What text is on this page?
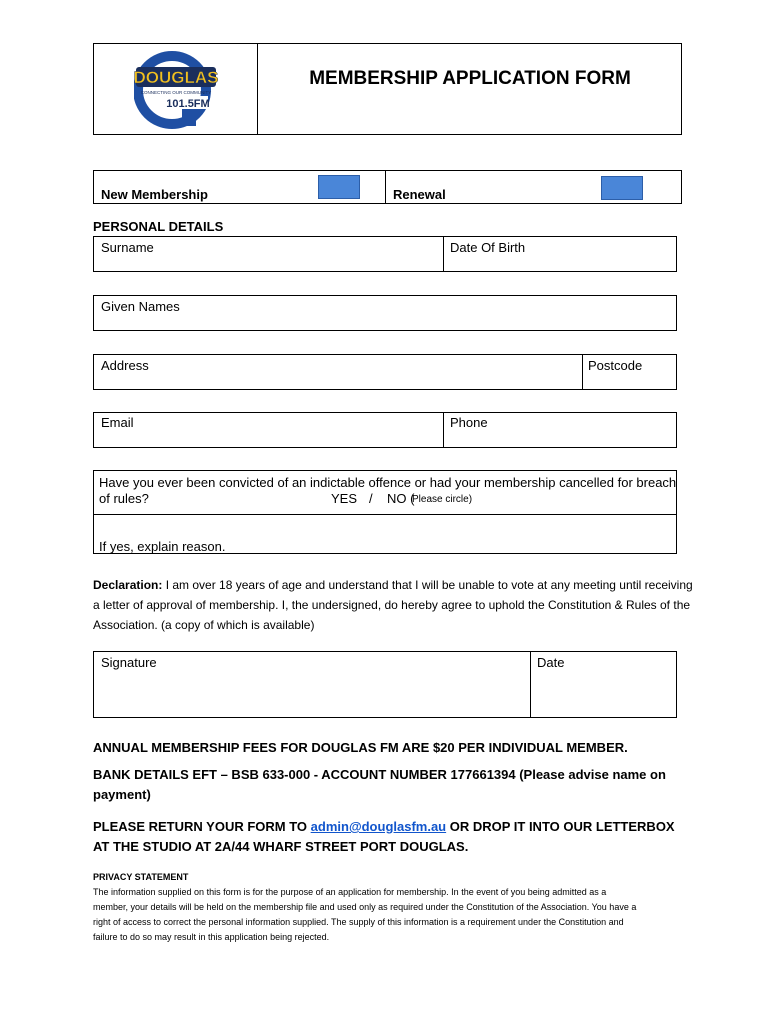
DOUGLAS
CONNECTING OUR COMMUNITY
101.5FM
MEMBERSHIP APPLICATION FORM
New Membership	Renewal
PERSONAL DETAILS
Surname	Date Of Birth
Given Names
Address	Postcode
Email	Phone
Have you ever been convicted of an indictable offence or had your membership cancelled for breach
of rules?	YES / NO (
Please circle)
If yes, explain reason.
Declaration: I am over 18 years of age and understand that I will be unable to vote at any meeting until receiving
a letter of approval of membership. I, the undersigned, do hereby agree to uphold the Constitution & Rules of the
Association. (a copy of which is available)
Signature	Date
ANNUAL MEMBERSHIP FEES FOR DOUGLAS FM ARE $20 PER INDIVIDUAL MEMBER.
BANK DETAILS EFT – BSB 633-000 - ACCOUNT NUMBER 177661394 (Please advise name on
payment)
PLEASE RETURN YOUR FORM TO admin@douglasfm.au OR DROP IT INTO OUR LETTERBOX
AT THE STUDIO AT 2A/44 WHARF STREET PORT DOUGLAS.
PRIVACY STATEMENT
The information supplied on this form is for the purpose of an application for membership. In the event of you being admitted as a
member, your details will be held on the membership file and used only as required under the Constitution of the Association. You have a
right of access to correct the personal information supplied. The supply of this information is a requirement under the Constitution and
failure to do so may result in this application being rejected.
